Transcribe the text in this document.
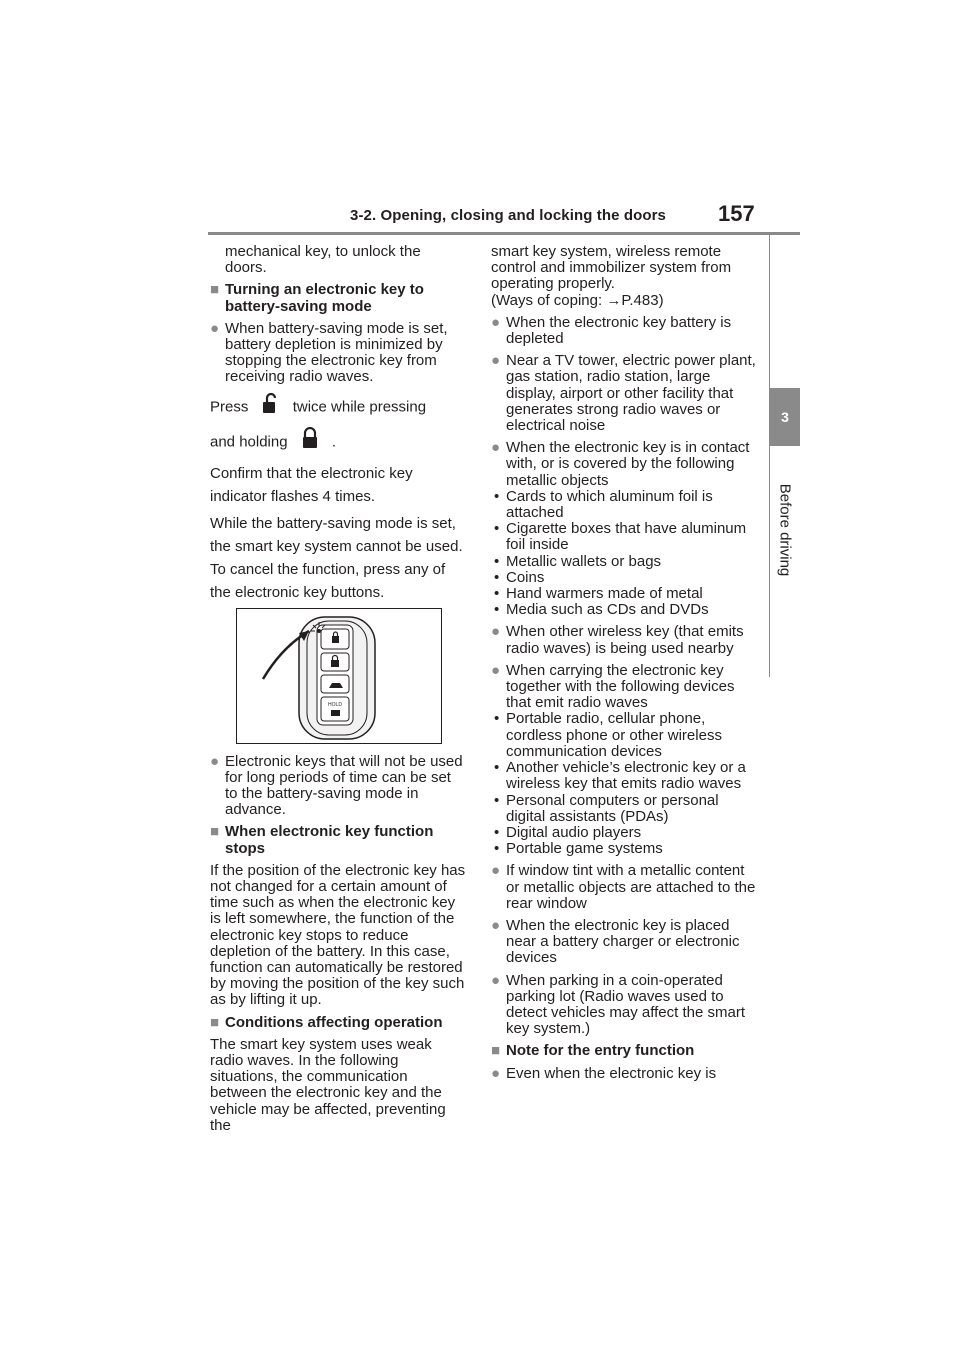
3-2. Opening, closing and locking the doors 157
3
Before driving

mechanical key, to unlock the doors.

■ Turning an electronic key to battery-saving mode
● When battery-saving mode is set, battery depletion is minimized by stopping the electronic key from receiving radio waves.

Press	twice while pressing

and holding	.

Confirm that the electronic key indicator flashes 4 times.

While the battery-saving mode is set, the smart key system cannot be used. To cancel the function, press any of the electronic key buttons.

HOLD
● Electronic keys that will not be used for long periods of time can be set to the battery-saving mode in advance.
■ When electronic key function stops

If the position of the electronic key has not changed for a certain amount of time such as when the electronic key is left somewhere, the function of the electronic key stops to reduce depletion of the battery. In this case, function can automatically be restored by moving the position of the key such as by lifting it up.

■ Conditions affecting operation

The smart key system uses weak radio waves. In the following situations, the communication between the electronic key and the vehicle may be affected, preventing the

smart key system, wireless remote control and immobilizer system from operating properly.

(Ways of coping: →P.483)

● When the electronic key battery is depleted
● Near a TV tower, electric power plant, gas station, radio station, large display, airport or other facility that generates strong radio waves or electrical noise
● When the electronic key is in contact with, or is covered by the following metallic objects
• Cards to which aluminum foil is attached
• Cigarette boxes that have aluminum foil inside
• Metallic wallets or bags
• Coins
• Hand warmers made of metal
• Media such as CDs and DVDs
● When other wireless key (that emits radio waves) is being used nearby
● When carrying the electronic key together with the following devices that emit radio waves
• Portable radio, cellular phone, cordless phone or other wireless communication devices
• Another vehicle’s electronic key or a wireless key that emits radio waves
• Personal computers or personal digital assistants (PDAs)
• Digital audio players
• Portable game systems
● If window tint with a metallic content or metallic objects are attached to the rear window
● When the electronic key is placed near a battery charger or electronic devices
● When parking in a coin-operated parking lot (Radio waves used to detect vehicles may affect the smart key system.)
■ Note for the entry function
● Even when the electronic key is
